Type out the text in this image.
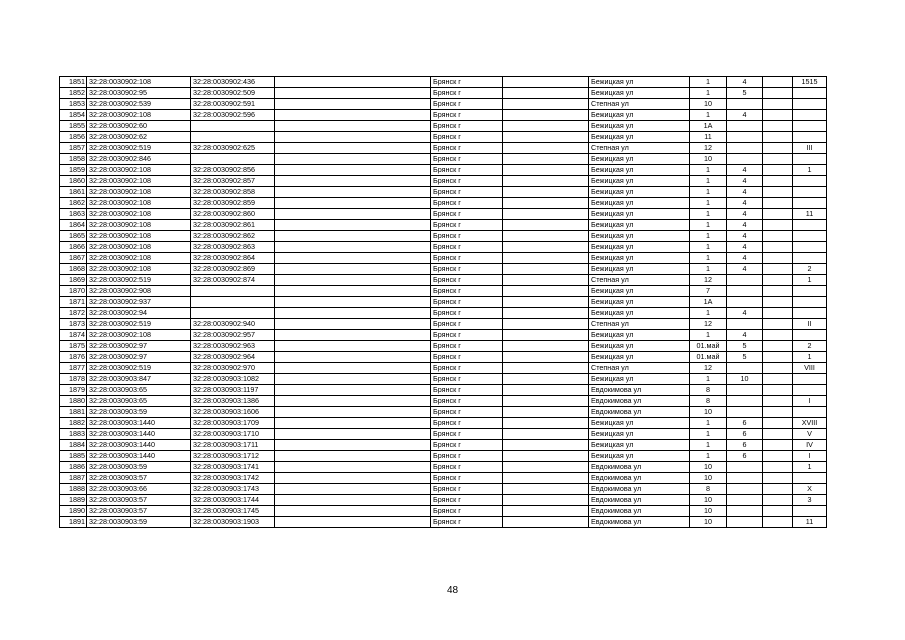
1851	32:28:0030902:108	32:28:0030902:436		Брянск г		Бежицкая ул	1	4		1515
1852	32:28:0030902:95	32:28:0030902:509		Брянск г		Бежицкая ул	1	5		
1853	32:28:0030902:539	32:28:0030902:591		Брянск г		Степная ул	10			
1854	32:28:0030902:108	32:28:0030902:596		Брянск г		Бежицкая ул	1	4		
1855	32:28:0030902:60			Брянск г		Бежицкая ул	1А			
1856	32:28:0030902:62			Брянск г		Бежицкая ул	11			
1857	32:28:0030902:519	32:28:0030902:625		Брянск г		Степная ул	12			III
1858	32:28:0030902:846			Брянск г		Бежицкая ул	10			
1859	32:28:0030902:108	32:28:0030902:856		Брянск г		Бежицкая ул	1	4		1
1860	32:28:0030902:108	32:28:0030902:857		Брянск г		Бежицкая ул	1	4		
1861	32:28:0030902:108	32:28:0030902:858		Брянск г		Бежицкая ул	1	4		
1862	32:28:0030902:108	32:28:0030902:859		Брянск г		Бежицкая ул	1	4		
1863	32:28:0030902:108	32:28:0030902:860		Брянск г		Бежицкая ул	1	4		11
1864	32:28:0030902:108	32:28:0030902:861		Брянск г		Бежицкая ул	1	4		
1865	32:28:0030902:108	32:28:0030902:862		Брянск г		Бежицкая ул	1	4		
1866	32:28:0030902:108	32:28:0030902:863		Брянск г		Бежицкая ул	1	4		
1867	32:28:0030902:108	32:28:0030902:864		Брянск г		Бежицкая ул	1	4		
1868	32:28:0030902:108	32:28:0030902:869		Брянск г		Бежицкая ул	1	4		2
1869	32:28:0030902:519	32:28:0030902:874		Брянск г		Степная ул	12			1
1870	32:28:0030902:908			Брянск г		Бежицкая ул	7			
1871	32:28:0030902:937			Брянск г		Бежицкая ул	1А			
1872	32:28:0030902:94			Брянск г		Бежицкая ул	1	4		
1873	32:28:0030902:519	32:28:0030902:940		Брянск г		Степная ул	12			II
1874	32:28:0030902:108	32:28:0030902:957		Брянск г		Бежицкая ул	1	4		
1875	32:28:0030902:97	32:28:0030902:963		Брянск г		Бежицкая ул	01.май	5		2
1876	32:28:0030902:97	32:28:0030902:964		Брянск г		Бежицкая ул	01.май	5		1
1877	32:28:0030902:519	32:28:0030902:970		Брянск г		Степная ул	12			VIII
1878	32:28:0030903:847	32:28:0030903:1082		Брянск г		Бежицкая ул	1	10		
1879	32:28:0030903:65	32:28:0030903:1197		Брянск г		Евдокимова ул	8			
1880	32:28:0030903:65	32:28:0030903:1386		Брянск г		Евдокимова ул	8			I
1881	32:28:0030903:59	32:28:0030903:1606		Брянск г		Евдокимова ул	10			
1882	32:28:0030903:1440	32:28:0030903:1709		Брянск г		Бежицкая ул	1	6		XVIII
1883	32:28:0030903:1440	32:28:0030903:1710		Брянск г		Бежицкая ул	1	6		V
1884	32:28:0030903:1440	32:28:0030903:1711		Брянск г		Бежицкая ул	1	6		IV
1885	32:28:0030903:1440	32:28:0030903:1712		Брянск г		Бежицкая ул	1	6		I
1886	32:28:0030903:59	32:28:0030903:1741		Брянск г		Евдокимова ул	10			1
1887	32:28:0030903:57	32:28:0030903:1742		Брянск г		Евдокимова ул	10			
1888	32:28:0030903:66	32:28:0030903:1743		Брянск г		Евдокимова ул	8			X
1889	32:28:0030903:57	32:28:0030903:1744		Брянск г		Евдокимова ул	10			3
1890	32:28:0030903:57	32:28:0030903:1745		Брянск г		Евдокимова ул	10			
1891	32:28:0030903:59	32:28:0030903:1903		Брянск г		Евдокимова ул	10			11
48
